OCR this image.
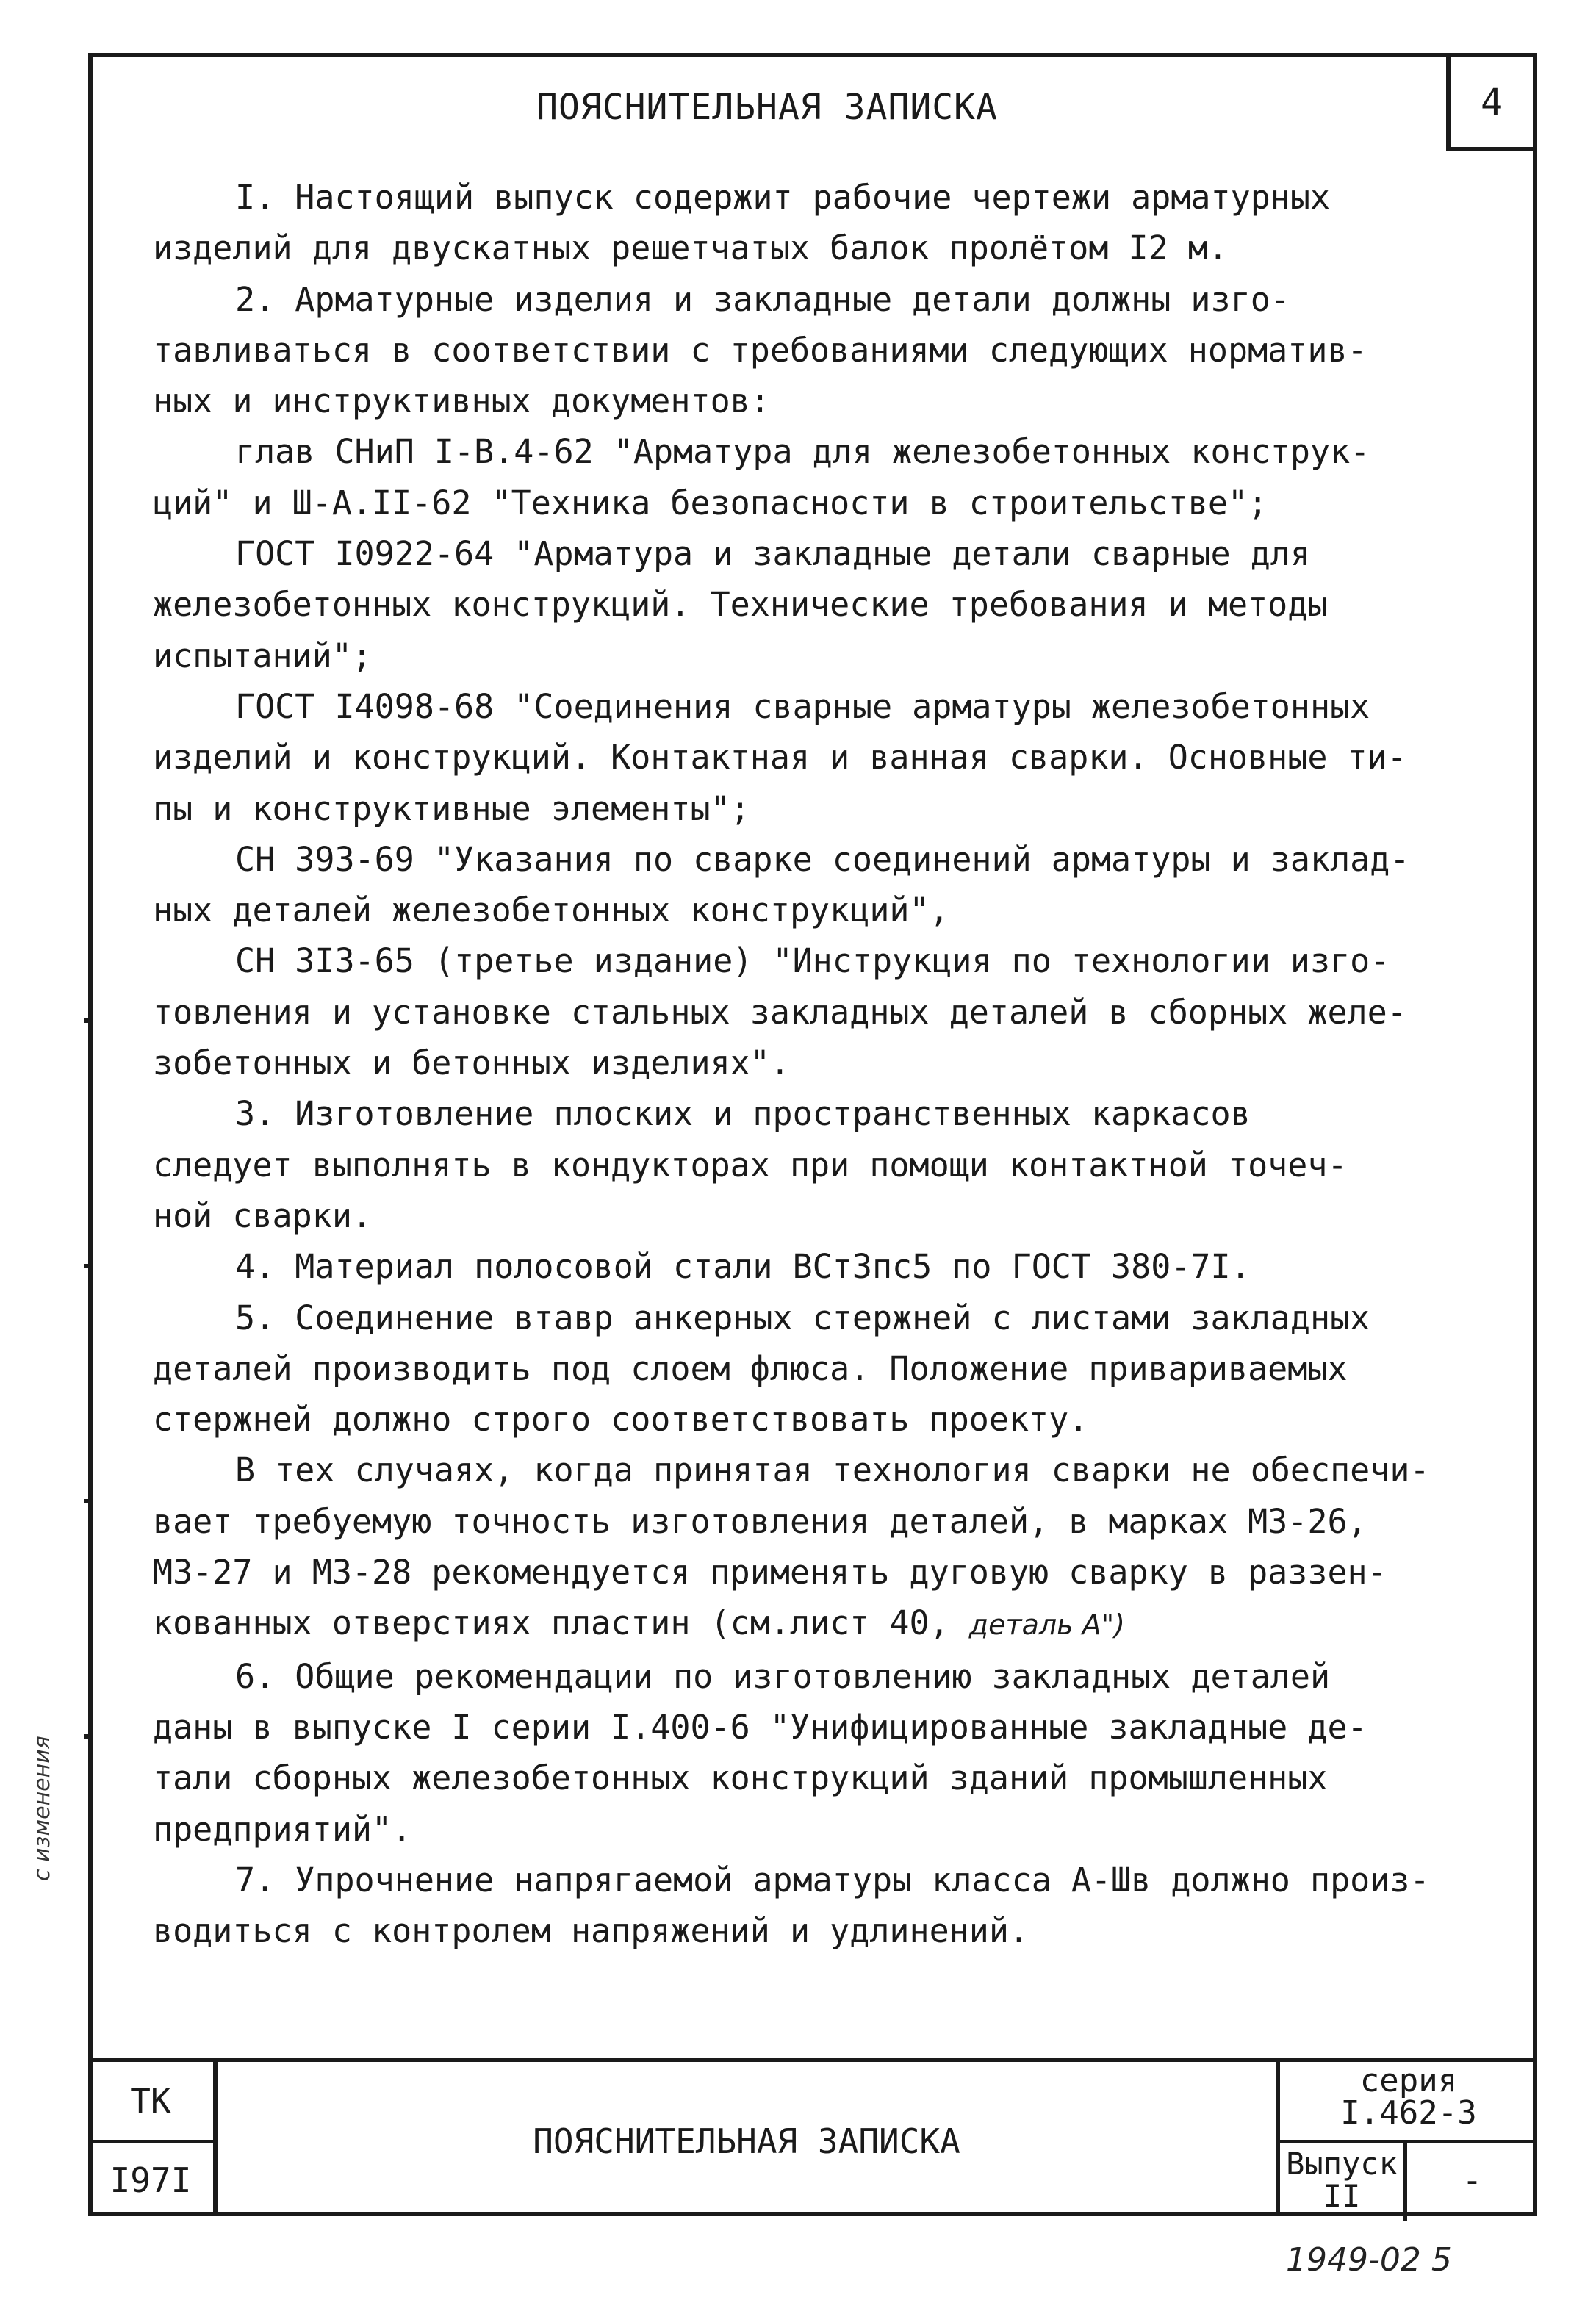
ПОЯСНИТЕЛЬНАЯ ЗАПИСКА	4

I. Настоящий выпуск содержит рабочие чертежи арматурных

изделий для двускатных решетчатых балок пролётом I2 м.

2. Арматурные изделия и закладные детали должны изго-

тавливаться в соответствии с требованиями следующих норматив-

ных и инструктивных документов:

глав СНиП I-В.4-62 "Арматура для железобетонных конструк-

ций" и Ш-А.II-62 "Техника безопасности в строительстве";

ГОСТ I0922-64 "Арматура и закладные детали сварные для

железобетонных конструкций. Технические требования и методы

испытаний";

ГОСТ I4098-68 "Соединения сварные арматуры железобетонных

изделий и конструкций. Контактная и ванная сварки. Основные ти-

пы и конструктивные элементы";

СН 393-69 "Указания по сварке соединений арматуры и заклад-

ных деталей железобетонных конструкций",

СН 3I3-65 (третье издание) "Инструкция по технологии изго-

товления и установке стальных закладных деталей в сборных желе-

зобетонных и бетонных изделиях".

3. Изготовление плоских и пространственных каркасов

следует выполнять в кондукторах при помощи контактной точеч-

ной сварки.

4. Материал полосовой стали ВСт3пс5 по ГОСТ 380-7I.

5. Соединение втавр анкерных стержней с листами закладных

деталей производить под слоем флюса. Положение привариваемых

стержней должно строго соответствовать проекту.

В тех случаях, когда принятая технология сварки не обеспечи-

вает требуемую точность изготовления деталей, в марках МЗ-26,

МЗ-27 и МЗ-28 рекомендуется применять дуговую сварку в раззен-

кованных отверстиях пластин (см.лист 40, деталь А")

6. Общие рекомендации по изготовлению закладных деталей

даны в выпуске I серии I.400-6 "Унифицированные закладные де-

тали сборных железобетонных конструкций зданий промышленных

предприятий".

7. Упрочнение напрягаемой арматуры класса А-Шв должно произ-

водиться с контролем напряжений и удлинений.

с изменения
ТК
I97I
ПОЯСНИТЕЛЬНАЯ ЗАПИСКА
серия
I.462-3
Выпуск
II	-
1949-02 5
